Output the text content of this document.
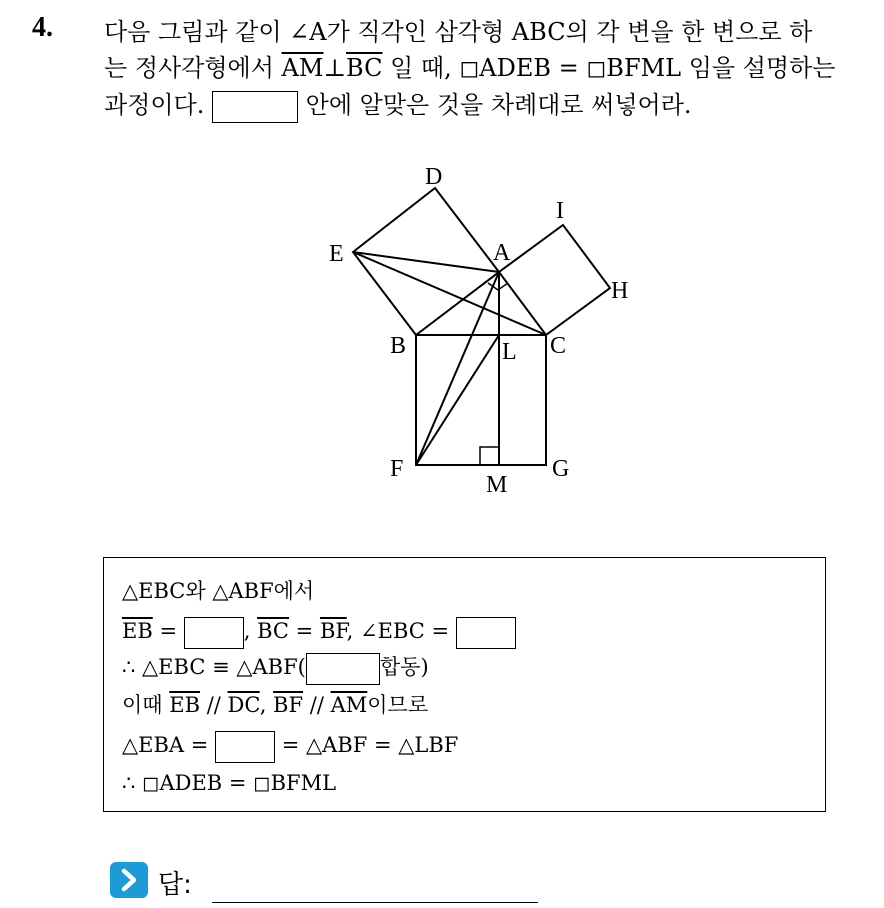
4. 다음 그림과 같이 ∠A가 직각인 삼각형 ABC의 각 변을 한 변으로 하
는 정사각형에서 $\overline{AM}\perp\overline{BC}$ 일 때, ◻ADEB = ◻BFML 임을 설명하는
과정이다.	안에 알맞은 것을 차례대로 써넣어라.
D
I
E	A
H
B	L C
F
M
G
△EBC와 △ABF에서
$\overline{EB}$ =	, $\overline{BC} = \overline{BF}$, ∠EBC =
∴ △EBC ≡ △ABF(	합동)
이때 $\overline{EB} // \overline{DC}$, $\overline{BF} // \overline{AM}$이므로
△EBA =	= △ABF = △LBF
∴ ◻ADEB = ◻BFML
답:
